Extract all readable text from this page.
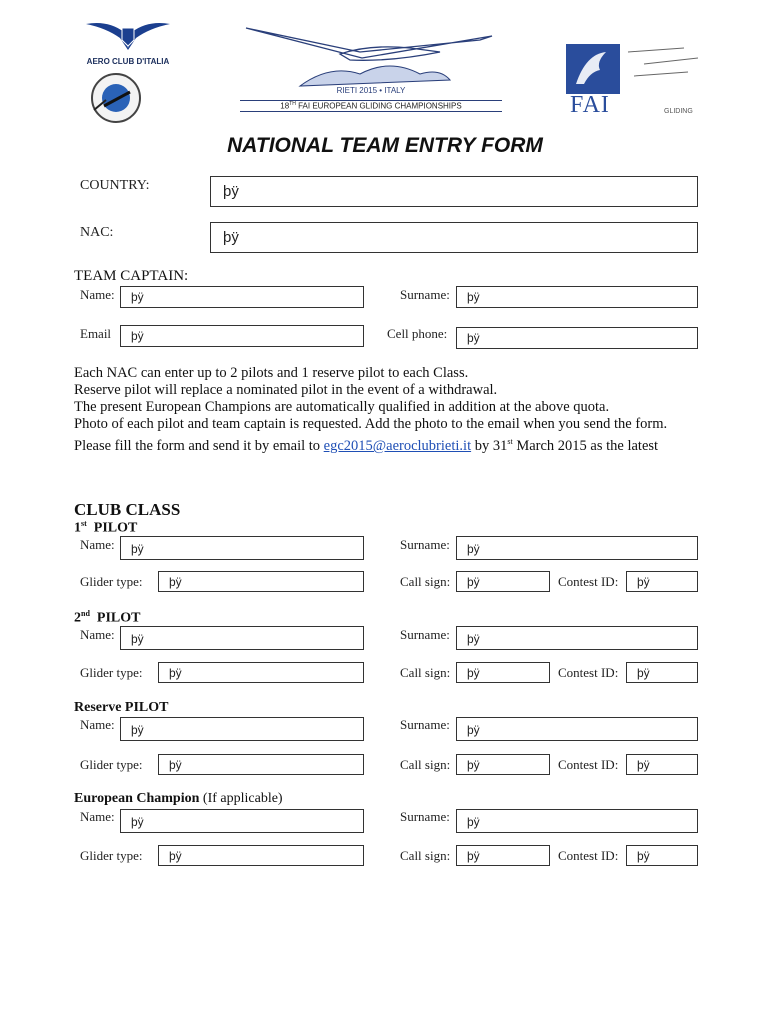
AERO CLUB D'ITALIA
RIETI 2015 • ITALY
18TH FAI EUROPEAN GLIDING CHAMPIONSHIPS	FAI	GLIDING
NATIONAL TEAM ENTRY FORM
COUNTRY:	þÿ
NAC:	þÿ
TEAM CAPTAIN:
Name:	þÿ	Surname:	þÿ
Email	þÿ	Cell phone:	þÿ

Each NAC can enter up to 2 pilots and 1 reserve pilot to each Class.

Reserve pilot will replace a nominated pilot in the event of a withdrawal.

The present European Champions are automatically qualified in addition at the above quota.

Photo of each pilot and team captain is requested. Add the photo to the email when you send the form.

Please fill the form and send it by email to egc2015@aeroclubrieti.it by 31st March 2015 as the latest

CLUB CLASS
1st PILOT
Name:	þÿ	Surname:	þÿ
Glider type:	þÿ	Call sign:	þÿ	Contest ID:	þÿ
2nd PILOT
Name:	þÿ	Surname:	þÿ
Glider type:	þÿ	Call sign:	þÿ	Contest ID:	þÿ
Reserve PILOT
Name:	þÿ	Surname:	þÿ
Glider type:	þÿ	Call sign:	þÿ	Contest ID:	þÿ
European Champion (If applicable)
Name:	þÿ	Surname:	þÿ
Glider type:	þÿ	Call sign:	þÿ	Contest ID:	þÿ
